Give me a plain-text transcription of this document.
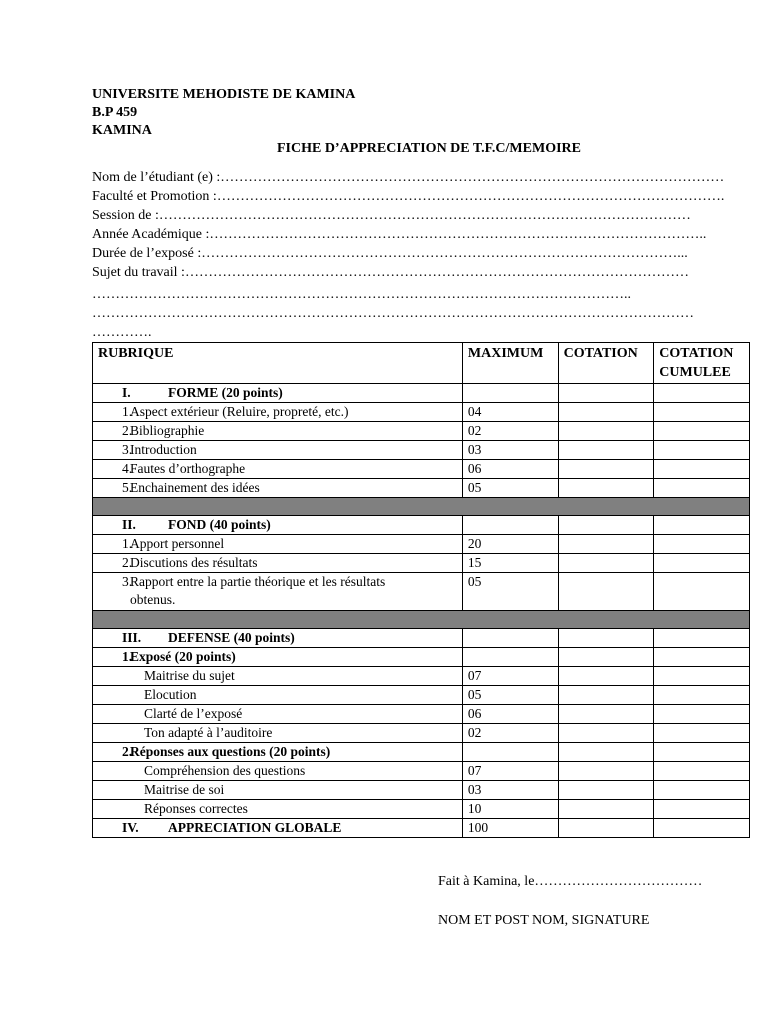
UNIVERSITE MEHODISTE DE KAMINA
B.P 459
KAMINA
FICHE D’APPRECIATION DE T.F.C/MEMOIRE
Nom de l’étudiant (e) :………………………………………………………………………………………………
Faculté et Promotion :……………………………………………………………………………………………….
Session de :……………………………………………………………………………………………………
Année Académique :……………………………………………………………………………………………..
Durée de l’exposé :…………………………………………………………………………………………...
Sujet du travail :………………………………………………………………………………………………
……………………………………………………………………………………………………..
…………………………………………………………………………………………………………………
………….
RUBRIQUE	MAXIMUM	COTATION	COTATION CUMULEE
I. FORME (20 points)			
1.Aspect extérieur (Reluire, propreté, etc.)	04		
2.Bibliographie	02		
3.Introduction	03		
4.Fautes d’orthographe	06		
5.Enchainement des idées	05		

II. FOND (40 points)			
1.Apport personnel	20		
2.Discutions des résultats	15		
3.Rapport entre la partie théorique et les résultats obtenus.	05		

III. DEFENSE (40 points)			
1.Exposé (20 points)			
Maitrise du sujet	07		
Elocution	05		
Clarté de l’exposé	06		
Ton adapté à l’auditoire	02		
2.Réponses aux questions (20 points)			
Compréhension des questions	07		
Maitrise de soi	03		
Réponses correctes	10		
IV. APPRECIATION GLOBALE	100		
Fait à Kamina, le………………………………
NOM ET POST NOM, SIGNATURE
